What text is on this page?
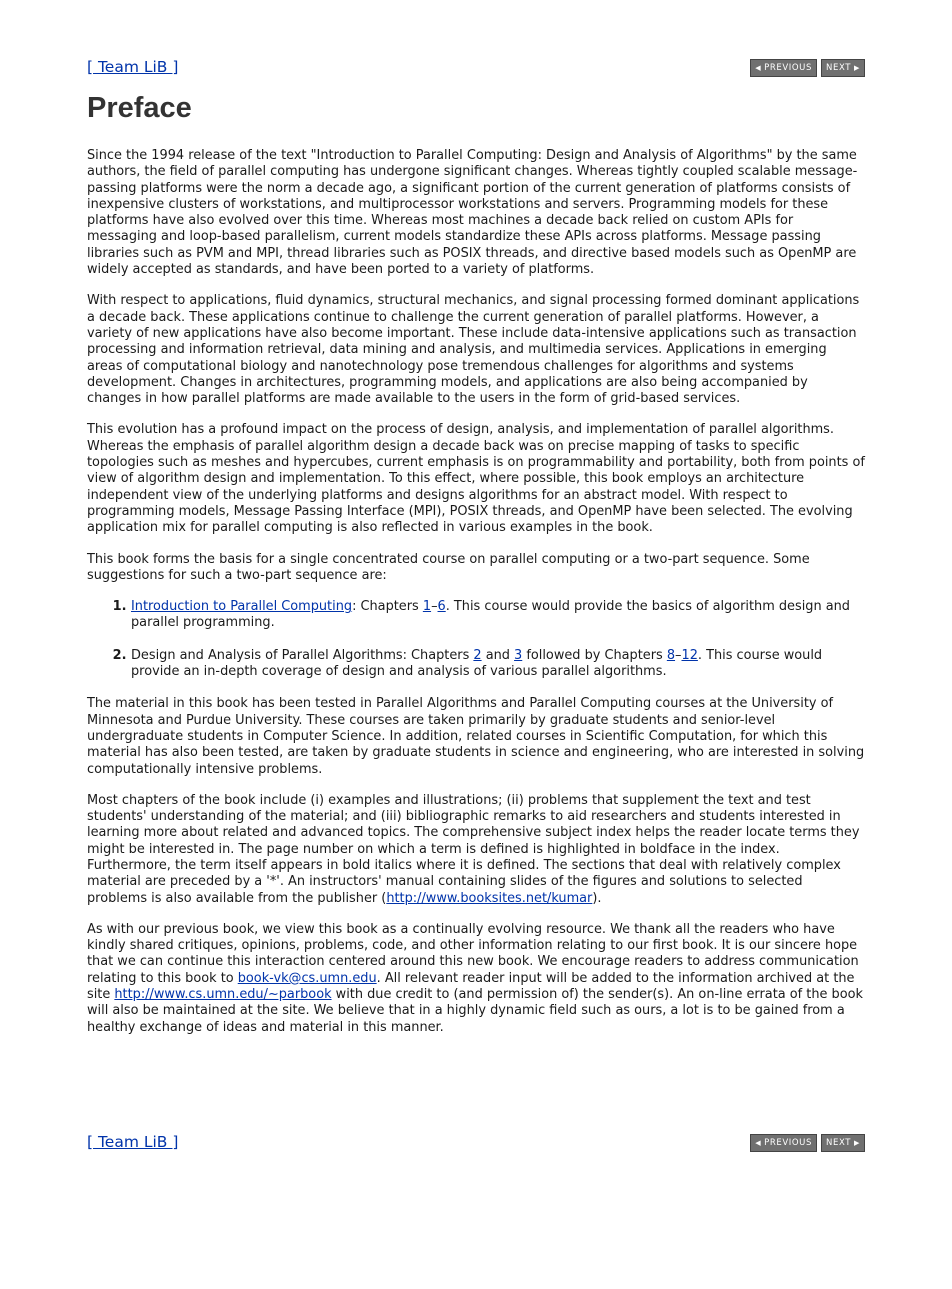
[ Team LiB ]	◀ PREVIOUS NEXT ▶
Preface

Since the 1994 release of the text "Introduction to Parallel Computing: Design and Analysis of Algorithms" by the same authors, the field of parallel computing has undergone significant changes. Whereas tightly coupled scalable message-passing platforms were the norm a decade ago, a significant portion of the current generation of platforms consists of inexpensive clusters of workstations, and multiprocessor workstations and servers. Programming models for these platforms have also evolved over this time. Whereas most machines a decade back relied on custom APIs for messaging and loop-based parallelism, current models standardize these APIs across platforms. Message passing libraries such as PVM and MPI, thread libraries such as POSIX threads, and directive based models such as OpenMP are widely accepted as standards, and have been ported to a variety of platforms.

With respect to applications, fluid dynamics, structural mechanics, and signal processing formed dominant applications a decade back. These applications continue to challenge the current generation of parallel platforms. However, a variety of new applications have also become important. These include data-intensive applications such as transaction processing and information retrieval, data mining and analysis, and multimedia services. Applications in emerging areas of computational biology and nanotechnology pose tremendous challenges for algorithms and systems development. Changes in architectures, programming models, and applications are also being accompanied by changes in how parallel platforms are made available to the users in the form of grid-based services.

This evolution has a profound impact on the process of design, analysis, and implementation of parallel algorithms. Whereas the emphasis of parallel algorithm design a decade back was on precise mapping of tasks to specific topologies such as meshes and hypercubes, current emphasis is on programmability and portability, both from points of view of algorithm design and implementation. To this effect, where possible, this book employs an architecture independent view of the underlying platforms and designs algorithms for an abstract model. With respect to programming models, Message Passing Interface (MPI), POSIX threads, and OpenMP have been selected. The evolving application mix for parallel computing is also reflected in various examples in the book.

This book forms the basis for a single concentrated course on parallel computing or a two-part sequence. Some suggestions for such a two-part sequence are:

1. Introduction to Parallel Computing: Chapters 1–6. This course would provide the basics of algorithm design and parallel programming.
2. Design and Analysis of Parallel Algorithms: Chapters 2 and 3 followed by Chapters 8–12. This course would provide an in-depth coverage of design and analysis of various parallel algorithms.

The material in this book has been tested in Parallel Algorithms and Parallel Computing courses at the University of Minnesota and Purdue University. These courses are taken primarily by graduate students and senior-level undergraduate students in Computer Science. In addition, related courses in Scientific Computation, for which this material has also been tested, are taken by graduate students in science and engineering, who are interested in solving computationally intensive problems.

Most chapters of the book include (i) examples and illustrations; (ii) problems that supplement the text and test students' understanding of the material; and (iii) bibliographic remarks to aid researchers and students interested in learning more about related and advanced topics. The comprehensive subject index helps the reader locate terms they might be interested in. The page number on which a term is defined is highlighted in boldface in the index. Furthermore, the term itself appears in bold italics where it is defined. The sections that deal with relatively complex material are preceded by a '*'. An instructors' manual containing slides of the figures and solutions to selected problems is also available from the publisher (http://www.booksites.net/kumar).

As with our previous book, we view this book as a continually evolving resource. We thank all the readers who have kindly shared critiques, opinions, problems, code, and other information relating to our first book. It is our sincere hope that we can continue this interaction centered around this new book. We encourage readers to address communication relating to this book to book-vk@cs.umn.edu. All relevant reader input will be added to the information archived at the site http://www.cs.umn.edu/~parbook with due credit to (and permission of) the sender(s). An on-line errata of the book will also be maintained at the site. We believe that in a highly dynamic field such as ours, a lot is to be gained from a healthy exchange of ideas and material in this manner.

[ Team LiB ]	◀ PREVIOUS NEXT ▶
